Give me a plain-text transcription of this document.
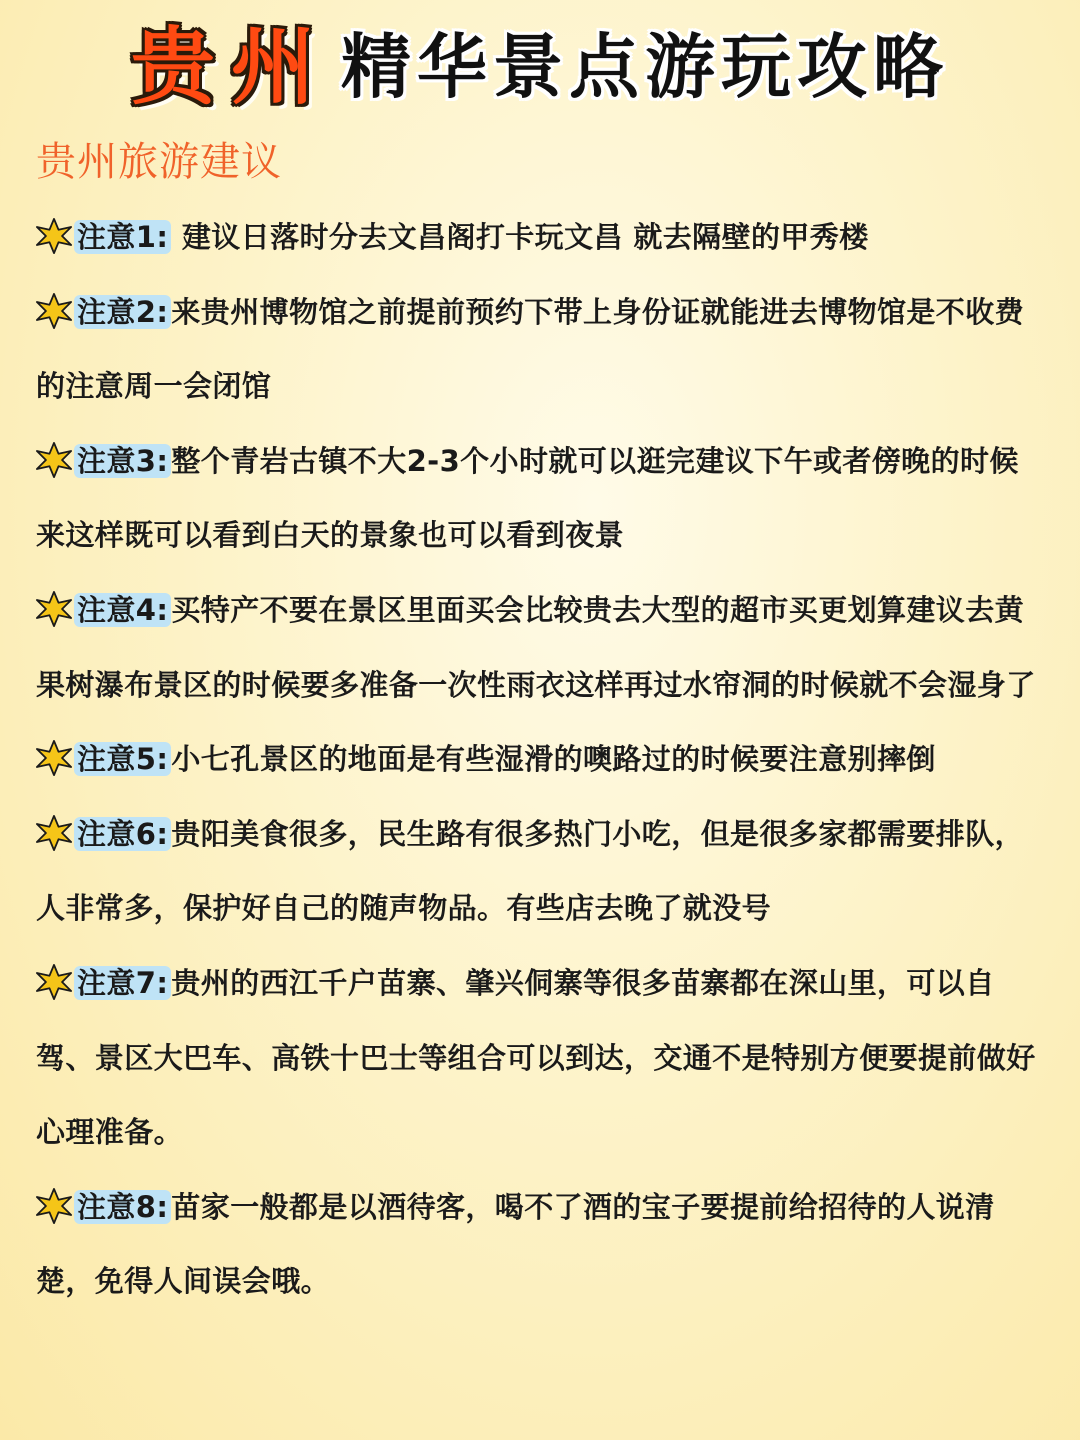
贵州 精华景点游玩攻略
贵州旅游建议
注意1: 建议日落时分去文昌阁打卡玩文昌 就去隔壁的甲秀楼
注意2: 来贵州博物馆之前提前预约下带上身份证就能进去博物馆是不收费的注意周一会闭馆
注意3: 整个青岩古镇不大2-3个小时就可以逛完建议下午或者傍晚的时候来这样既可以看到白天的景象也可以看到夜景
注意4: 买特产不要在景区里面买会比较贵去大型的超市买更划算建议去黄果树瀑布景区的时候要多准备一次性雨衣这样再过水帘洞的时候就不会湿身了
注意5: 小七孔景区的地面是有些湿滑的噢路过的时候要注意别摔倒
注意6: 贵阳美食很多，民生路有很多热门小吃，但是很多家都需要排队，人非常多，保护好自己的随声物品。有些店去晚了就没号
注意7: 贵州的西江千户苗寨、肇兴侗寨等很多苗寨都在深山里，可以自驾、景区大巴车、高铁十巴士等组合可以到达，交通不是特别方便要提前做好心理准备。
注意8: 苗家一般都是以酒待客，喝不了酒的宝子要提前给招待的人说清楚，免得人间误会哦。
